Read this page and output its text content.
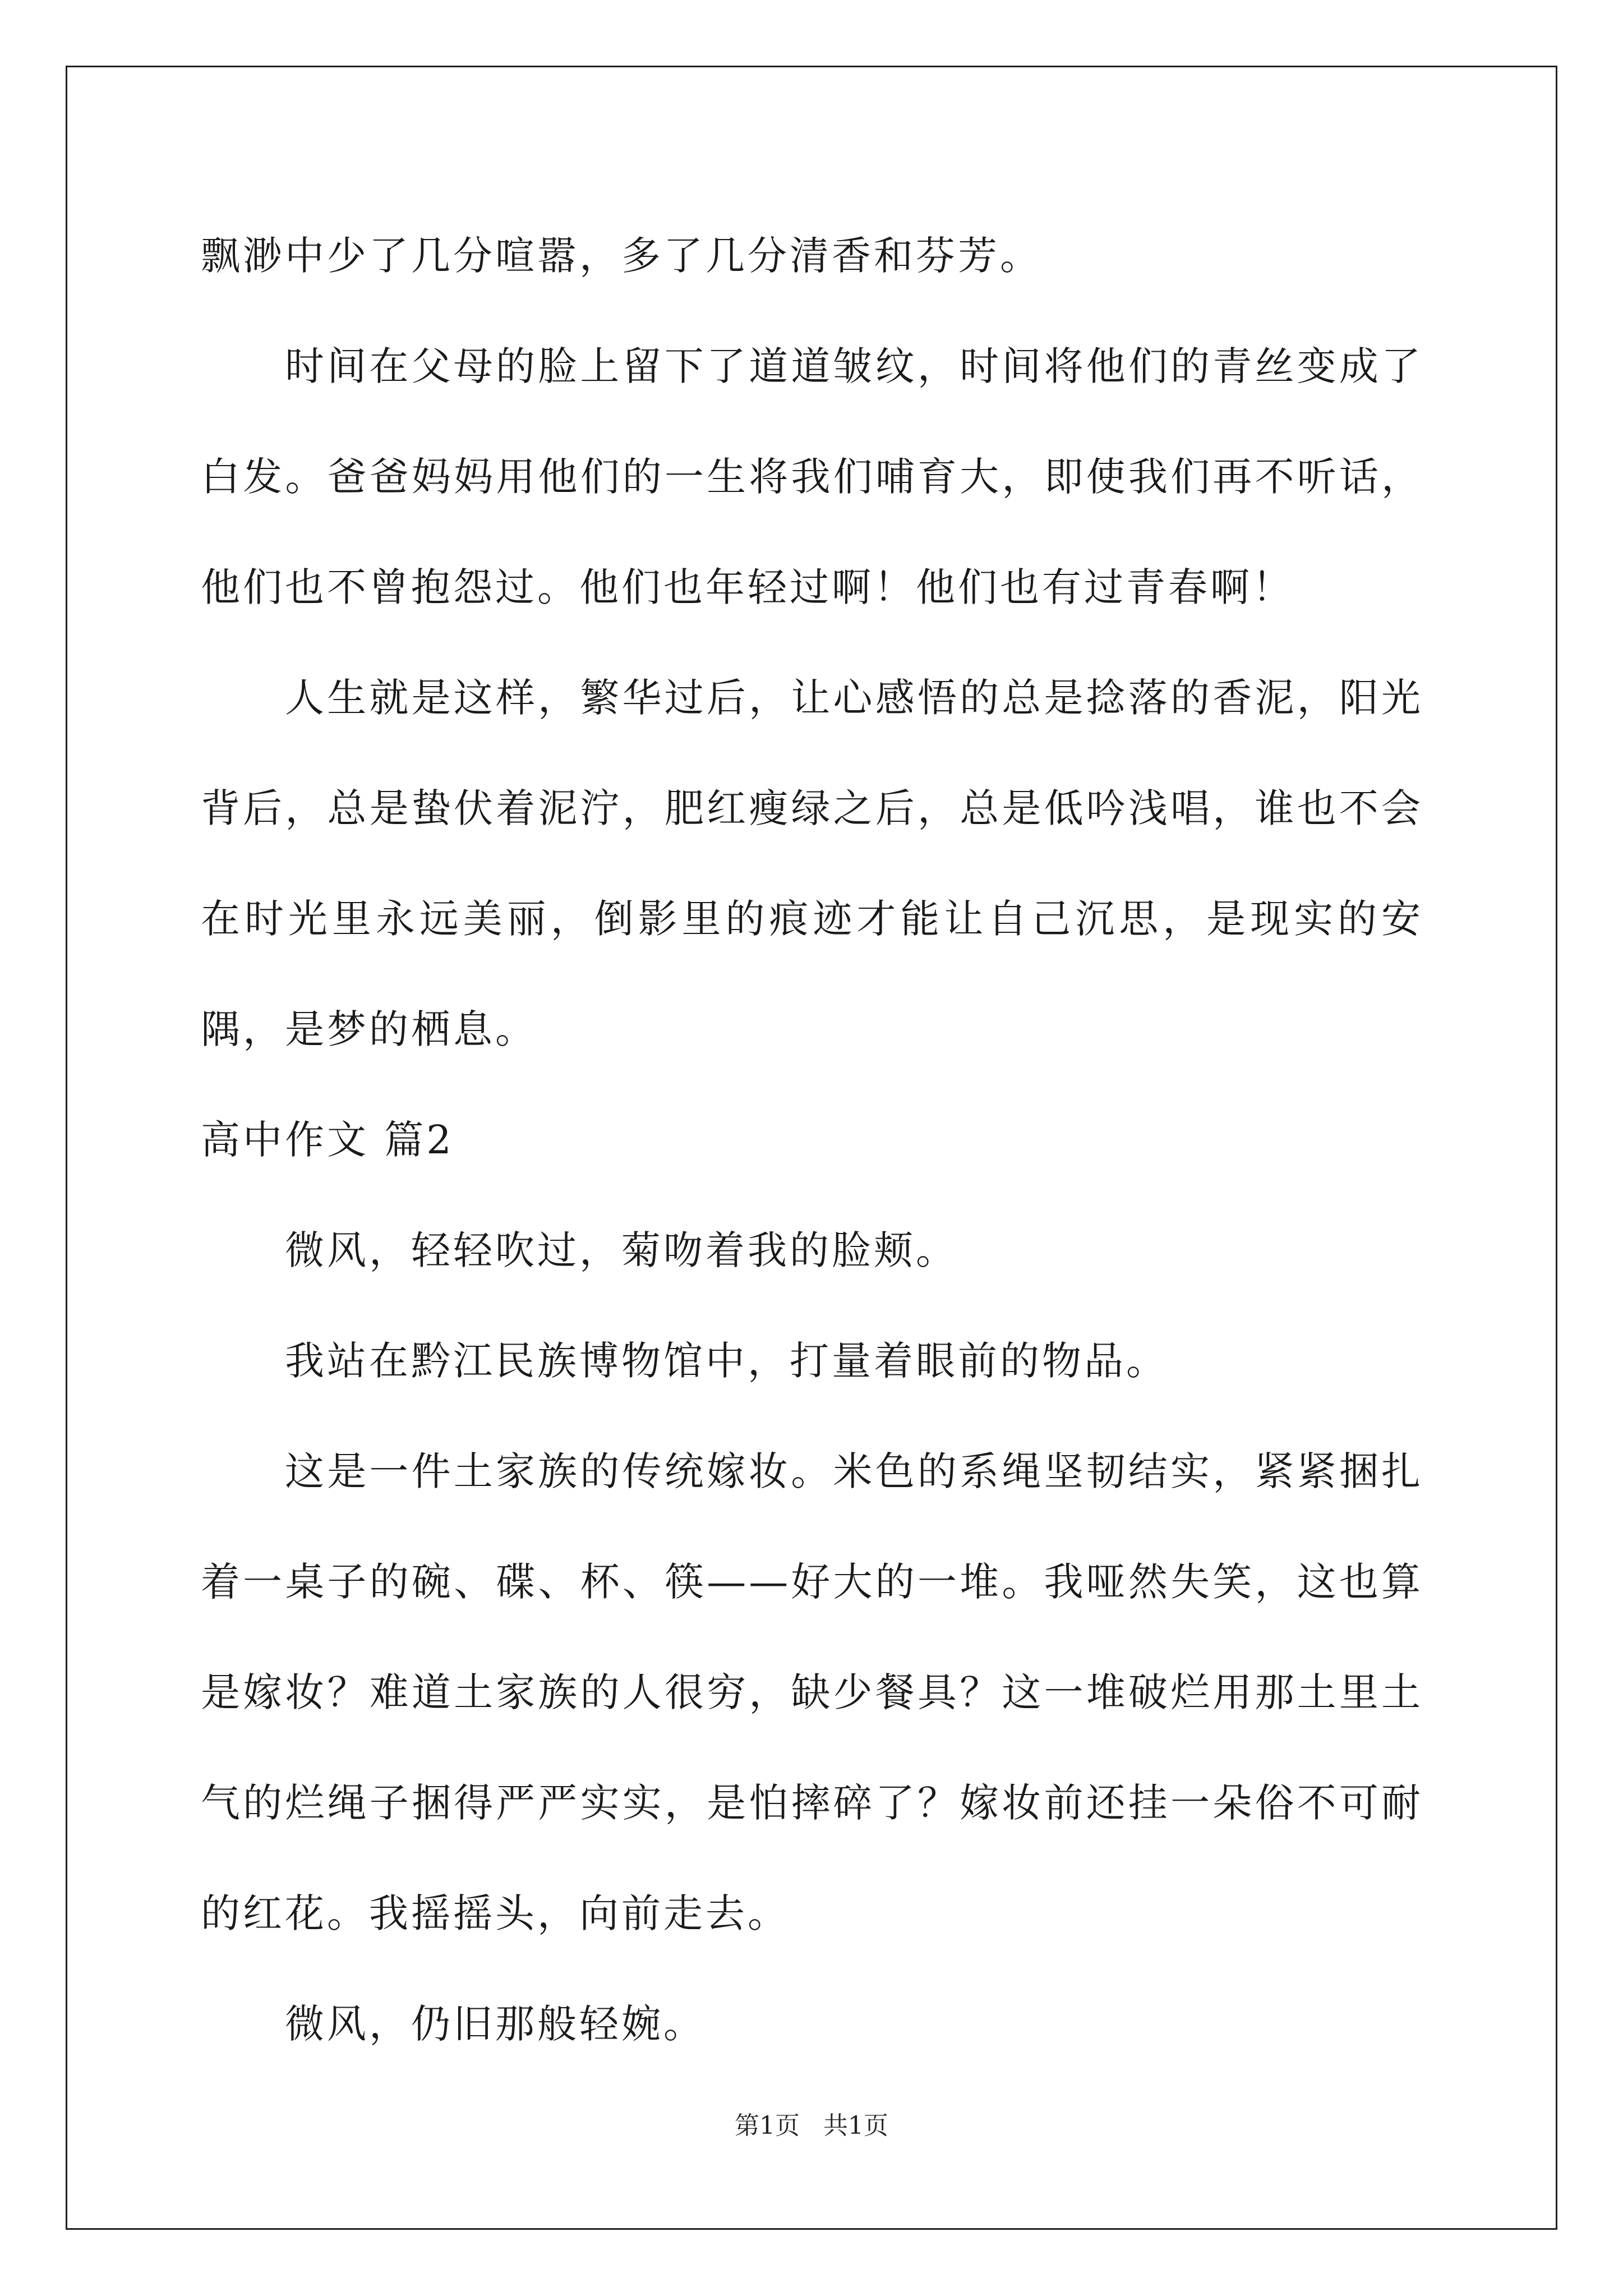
飘渺中少了几分喧嚣，多了几分清香和芬芳。

时间在父母的脸上留下了道道皱纹，时间将他们的青丝变成了白发。爸爸妈妈用他们的一生将我们哺育大，即使我们再不听话，他们也不曾抱怨过。他们也年轻过啊！他们也有过青春啊！

人生就是这样，繁华过后，让心感悟的总是捻落的香泥，阳光背后，总是蛰伏着泥泞，肥红瘦绿之后，总是低吟浅唱，谁也不会在时光里永远美丽，倒影里的痕迹才能让自己沉思，是现实的安隅，是梦的栖息。

高中作文 篇2

微风，轻轻吹过，菊吻着我的脸颊。

我站在黔江民族博物馆中，打量着眼前的物品。

这是一件土家族的传统嫁妆。米色的系绳坚韧结实，紧紧捆扎着一桌子的碗、碟、杯、筷——好大的一堆。我哑然失笑，这也算是嫁妆？难道土家族的人很穷，缺少餐具？这一堆破烂用那土里土气的烂绳子捆得严严实实，是怕摔碎了？嫁妆前还挂一朵俗不可耐的红花。我摇摇头，向前走去。

微风，仍旧那般轻婉。

第1页 共1页
